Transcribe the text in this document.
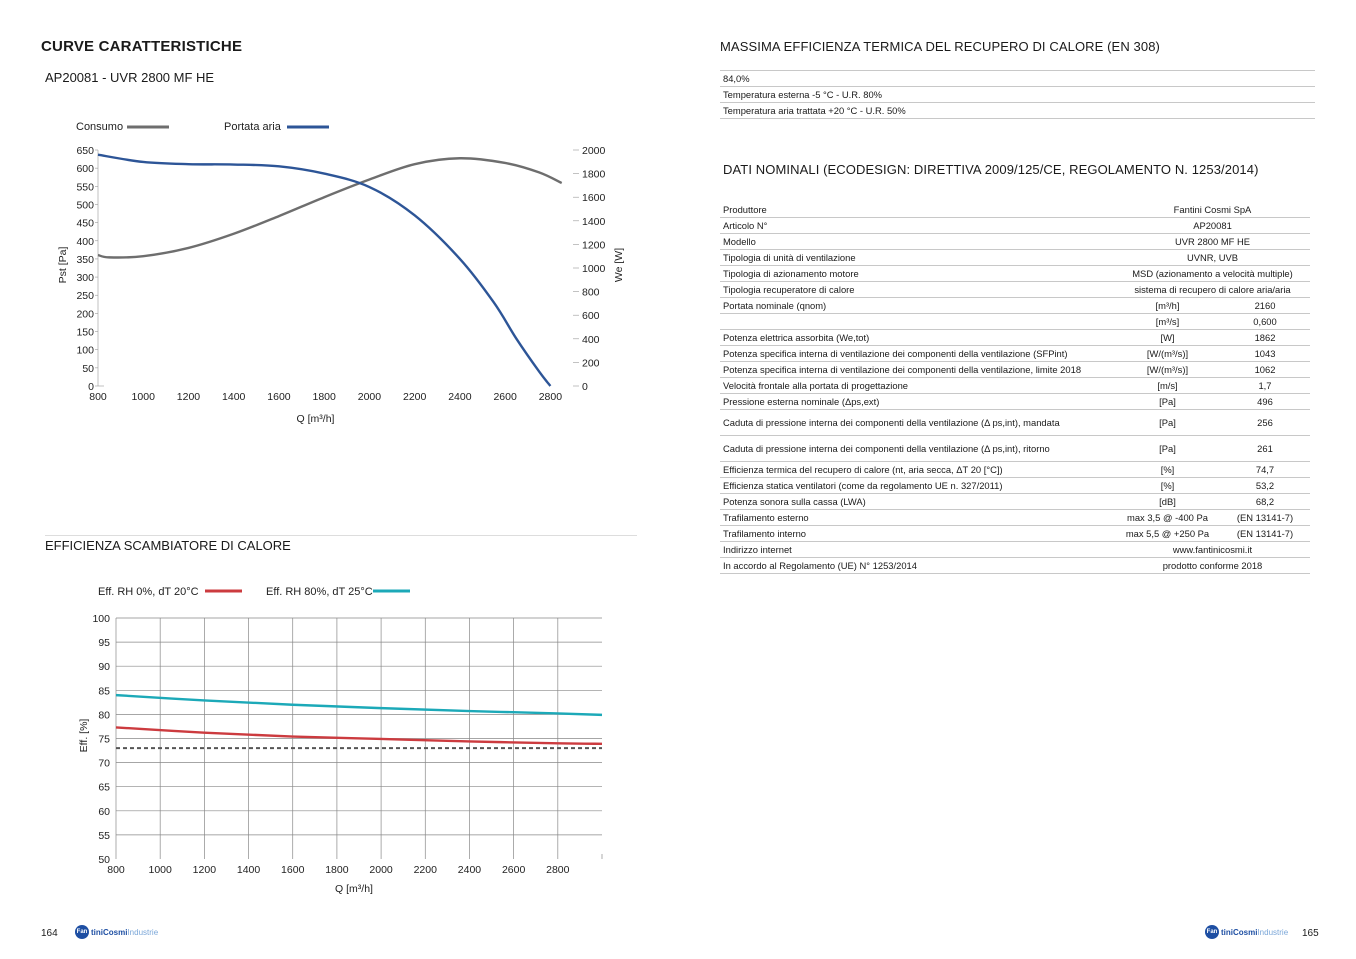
CURVE CARATTERISTICHE
AP20081 - UVR 2800 MF HE
Consumo	Portata aria
0
50
100
150
200
250
300
350
400
450
500
550
600
650
0
200
400
600
800
1000
1200
1400
1600
1800
2000
800 1000 1200 1400 1600 1800 2000 2200 2400 2600 2800
Q [m³/h]
Pst [Pa]	We [W]
EFFICIENZA SCAMBIATORE DI CALORE
Eff. RH 0%, dT 20°C	Eff. RH 80%, dT 25°C
50
55
60
65
70
75
80
85
90
95
100
800 1000 1200 1400 1600 1800 2000 2200 2400 2600 2800
Q [m³/h]
Eff. [%]
164	Fan tiniCosmi Industrie
MASSIMA EFFICIENZA TERMICA DEL RECUPERO DI CALORE (EN 308)
84,0%
Temperatura esterna -5 °C - U.R. 80%
Temperatura aria trattata +20 °C - U.R. 50%
DATI NOMINALI (ECODESIGN: DIRETTIVA 2009/125/CE, REGOLAMENTO N. 1253/2014)
Produttore	Fantini Cosmi SpA	
Articolo N°	AP20081	
Modello	UVR 2800 MF HE	
Tipologia di unità di ventilazione	UVNR, UVB	
Tipologia di azionamento motore	MSD (azionamento a velocità multiple)	
Tipologia recuperatore di calore	sistema di recupero di calore aria/aria	
Portata nominale (qnom)	[m³/h]	2160
	[m³/s]	0,600
Potenza elettrica assorbita (We,tot)	[W]	1862
Potenza specifica interna di ventilazione dei componenti della ventilazione (SFPint)	[W/(m³/s)]	1043
Potenza specifica interna di ventilazione dei componenti della ventilazione, limite 2018	[W/(m³/s)]	1062
Velocità frontale alla portata di progettazione	[m/s]	1,7
Pressione esterna nominale (Δps,ext)	[Pa]	496
Caduta di pressione interna dei componenti della ventilazione (Δ ps,int), mandata	[Pa]	256
Caduta di pressione interna dei componenti della ventilazione (Δ ps,int), ritorno	[Pa]	261
Efficienza termica del recupero di calore (nt, aria secca, ΔT 20 [°C])	[%]	74,7
Efficienza statica ventilatori (come da regolamento UE n. 327/2011)	[%]	53,2
Potenza sonora sulla cassa (LWA)	[dB]	68,2
Trafilamento esterno	max 3,5 @ -400 Pa	(EN 13141-7)
Trafilamento interno	max 5,5 @ +250 Pa	(EN 13141-7)
Indirizzo internet	www.fantinicosmi.it	
In accordo al Regolamento (UE) N° 1253/2014	prodotto conforme 2018	
165
Fan tiniCosmi Industrie
